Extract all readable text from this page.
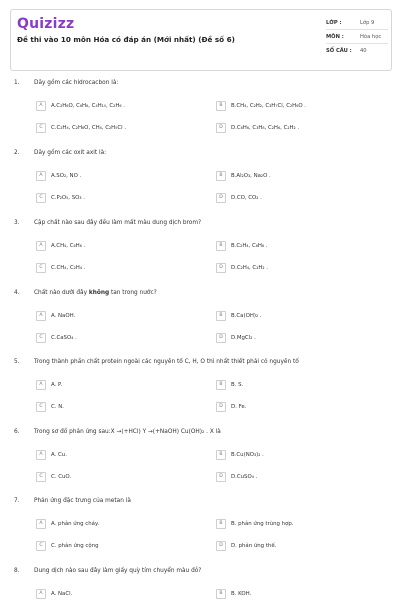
Quizizz
Đề thi vào 10 môn Hóa có đáp án (Mới nhất) (Đề số 6)
LỚP :	Lớp 9
MÔN :	Hóa học
SỐ CÂU :	40
1. Dãy gồm các hidrocacbon là:
A	A.C₂H₆O, C₆H₆, C₄H₁₀, C₂H₆ .	B	B.CH₄, C₂H₂, C₃H₇Cl, C₂H₆O .
C	C.C₂H₄, C₂H₆O, CH₄, C₂H₅Cl .	D	D.C₆H₆, C₃H₈, C₂H₆, C₂H₂ .
2. Dãy gồm các oxit axit là:
A	A.SO₂, NO .	B	B.Al₂O₃, Na₂O .
C	C.P₂O₅, SO₃ .	D	D.CO, CO₂ .
3. Cặp chất nào sau đây đều làm mất màu dung dịch brom?
A	A.CH₄, C₆H₆ .	B	B.C₂H₄, C₆H₆ .
C	C.CH₄, C₂H₄ .	D	D.C₂H₄, C₂H₂ .
4. Chất nào dưới đây không tan trong nước?
A	A. NaOH.	B	B.Ca(OH)₂ .
C	C.CaSO₄ .	D	D.MgCl₂ .
5. Trong thành phần chất protein ngoài các nguyên tố C, H, O thì nhất thiết phải có nguyên tố
A	A. P.	B	B. S.
C	C. N.	D	D. Fe.
6. Trong sơ đồ phản ứng sau:X →(+HCl) Y →(+NaOH) Cu(OH)₂ . X là
A	A. Cu.	B	B.Cu(NO₃)₂ .
C	C. CuO.	D	D.CuSO₄ .
7. Phản ứng đặc trưng của metan là
A	A. phản ứng cháy.	B	B. phản ứng trùng hợp.
C	C. phản ứng cộng	D	D. phản ứng thế.
8. Dung dịch nào sau đây làm giấy quỳ tím chuyển màu đỏ?
A	A. NaCl.	B	B. KOH.
